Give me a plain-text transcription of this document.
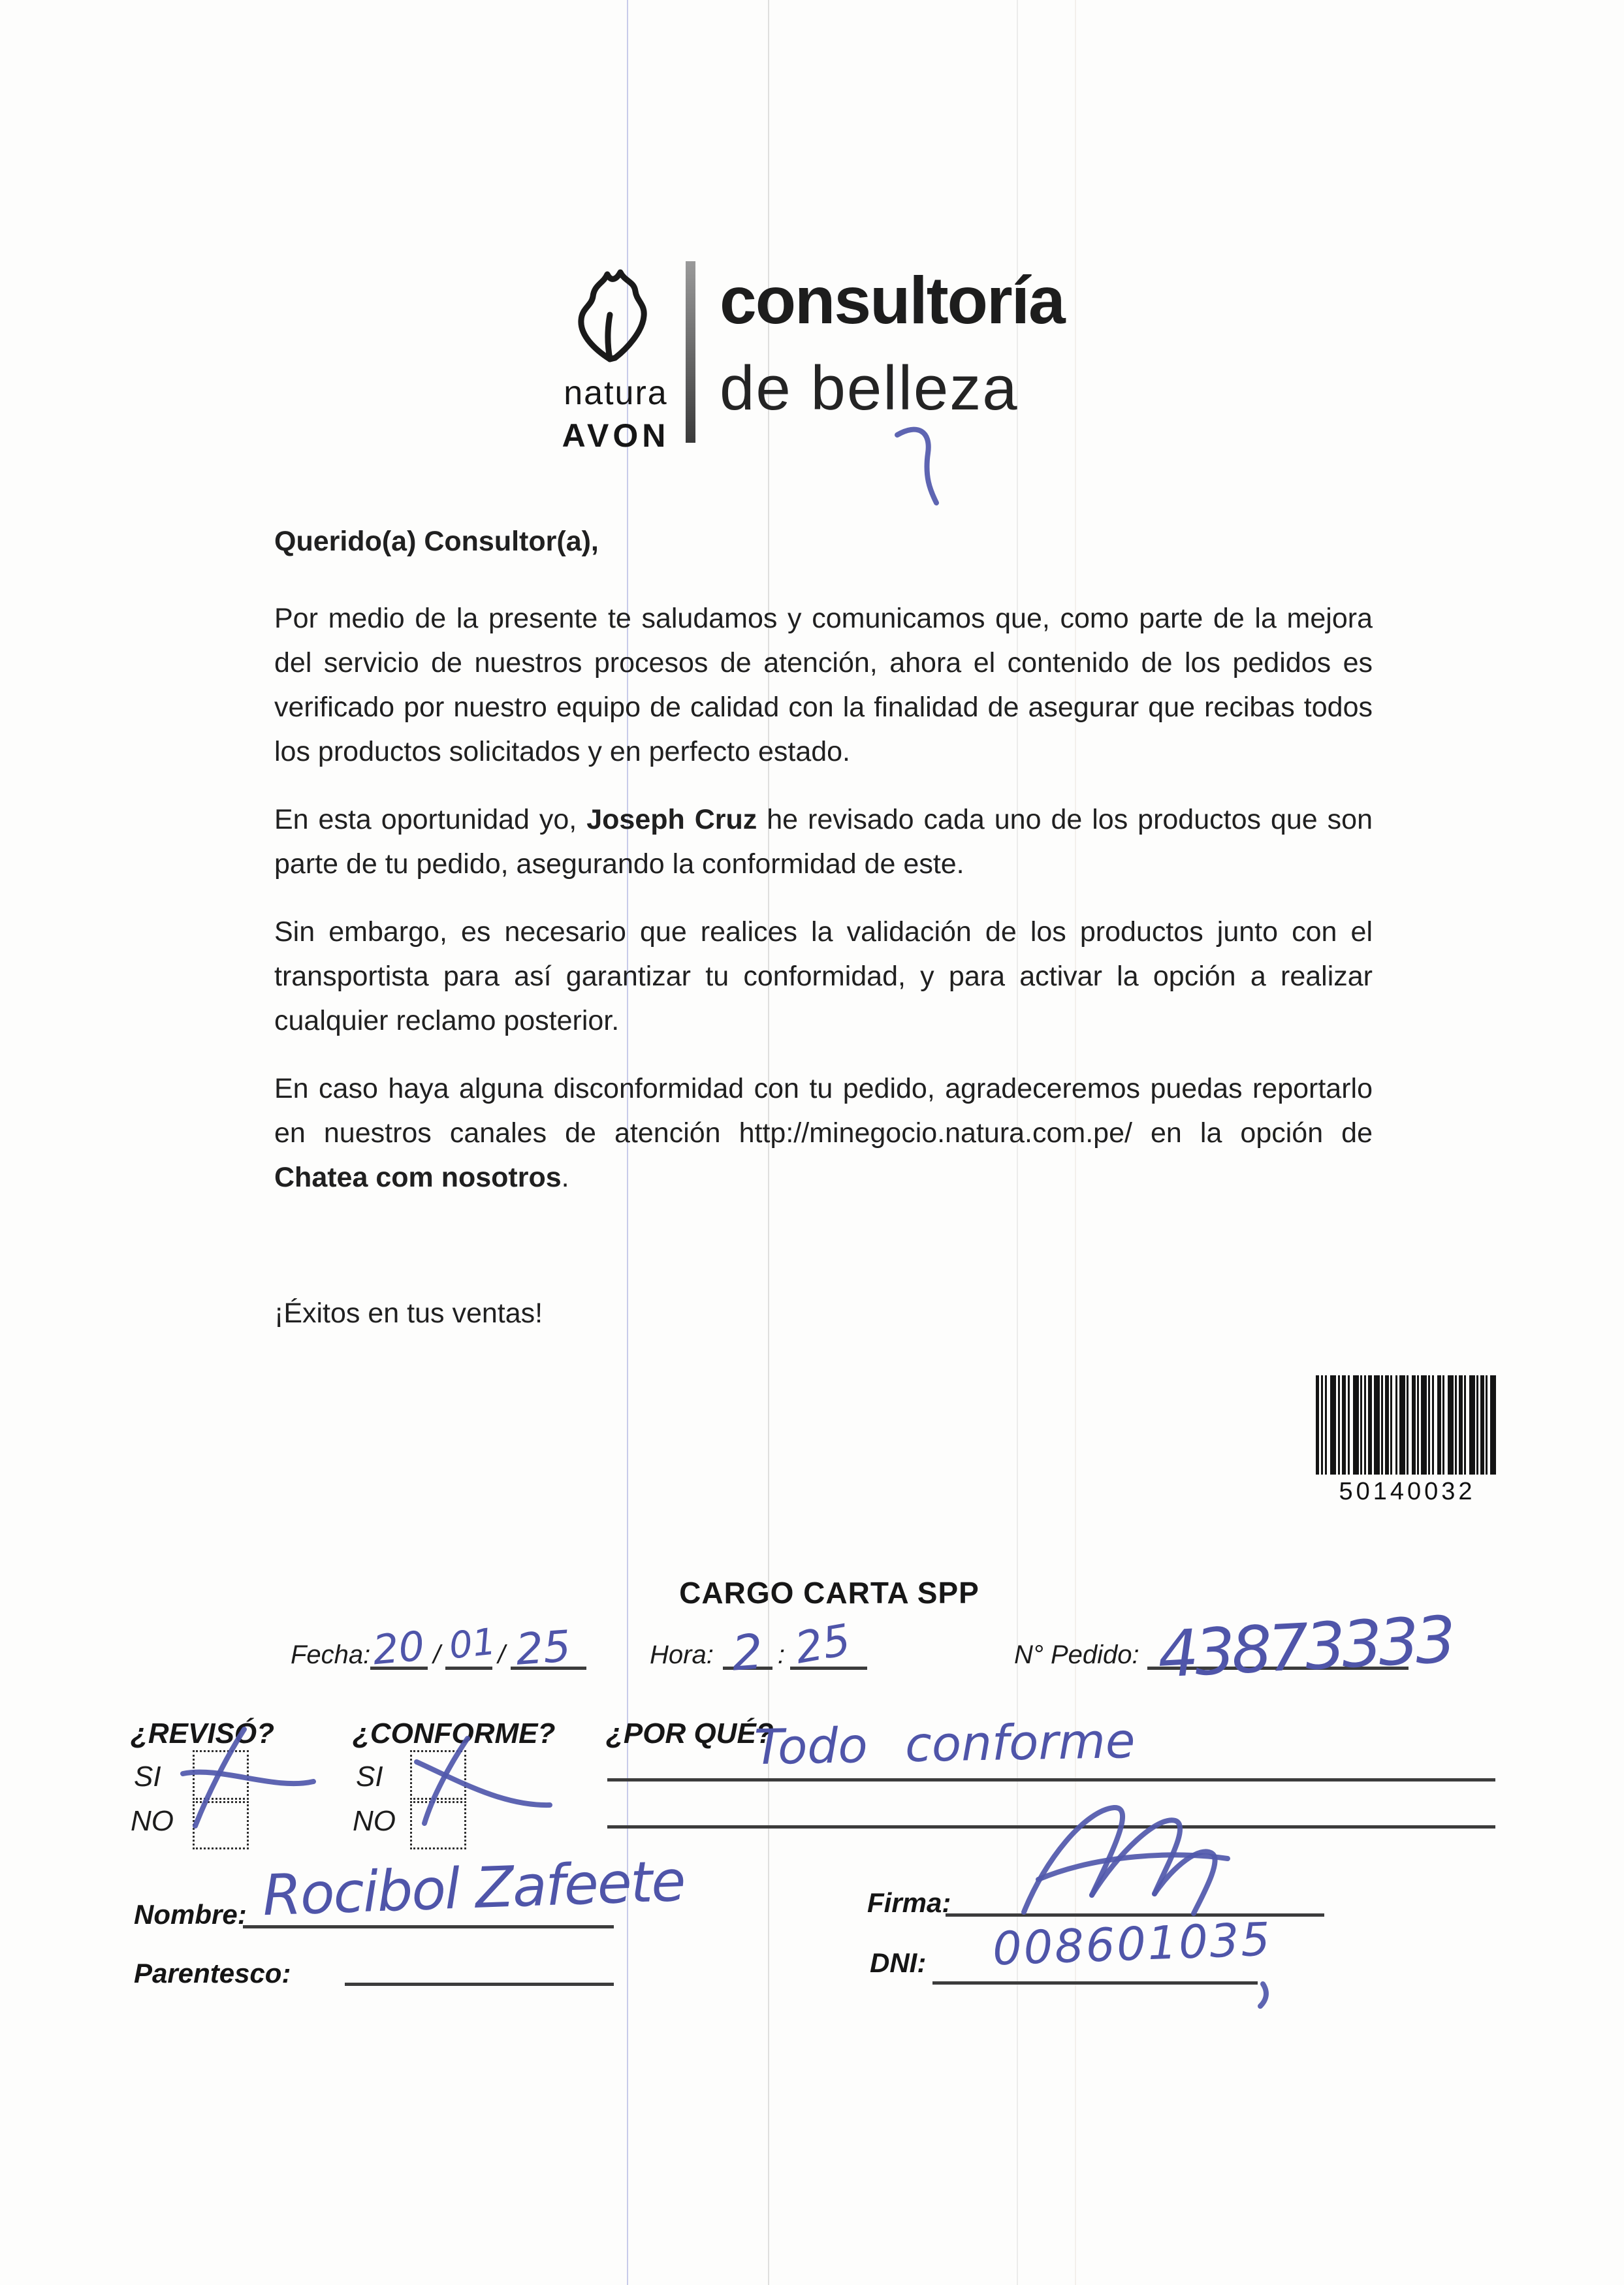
natura
AVON
consultoría
de belleza
Querido(a) Consultor(a),

Por medio de la presente te saludamos y comunicamos que, como parte de la mejora del servicio de nuestros procesos de atención, ahora el contenido de los pedidos es verificado por nuestro equipo de calidad con la finalidad de asegurar que recibas todos los productos solicitados y en perfecto estado.

En esta oportunidad yo, Joseph Cruz he revisado cada uno de los productos que son parte de tu pedido, asegurando la conformidad de este.

Sin embargo, es necesario que realices la validación de los productos junto con el transportista para así garantizar tu conformidad, y para activar la opción a realizar cualquier reclamo posterior.

En caso haya alguna disconformidad con tu pedido, agradeceremos puedas reportarlo en nuestros canales de atención http://minegocio.natura.com.pe/ en la opción de Chatea com nosotros.

¡Éxitos en tus ventas!

50140032
CARGO CARTA SPP
Fecha: 20 / 01 / 25	Hora: 2 : 25	N° Pedido: 43873333
¿REVISÓ?	¿CONFORME? ¿POR QUÉ?
SI
NO
SI
NO
Todo conforme
Nombre: Rocibol Zafeete
Parentesco:
Firma:
DNI: 008601035
